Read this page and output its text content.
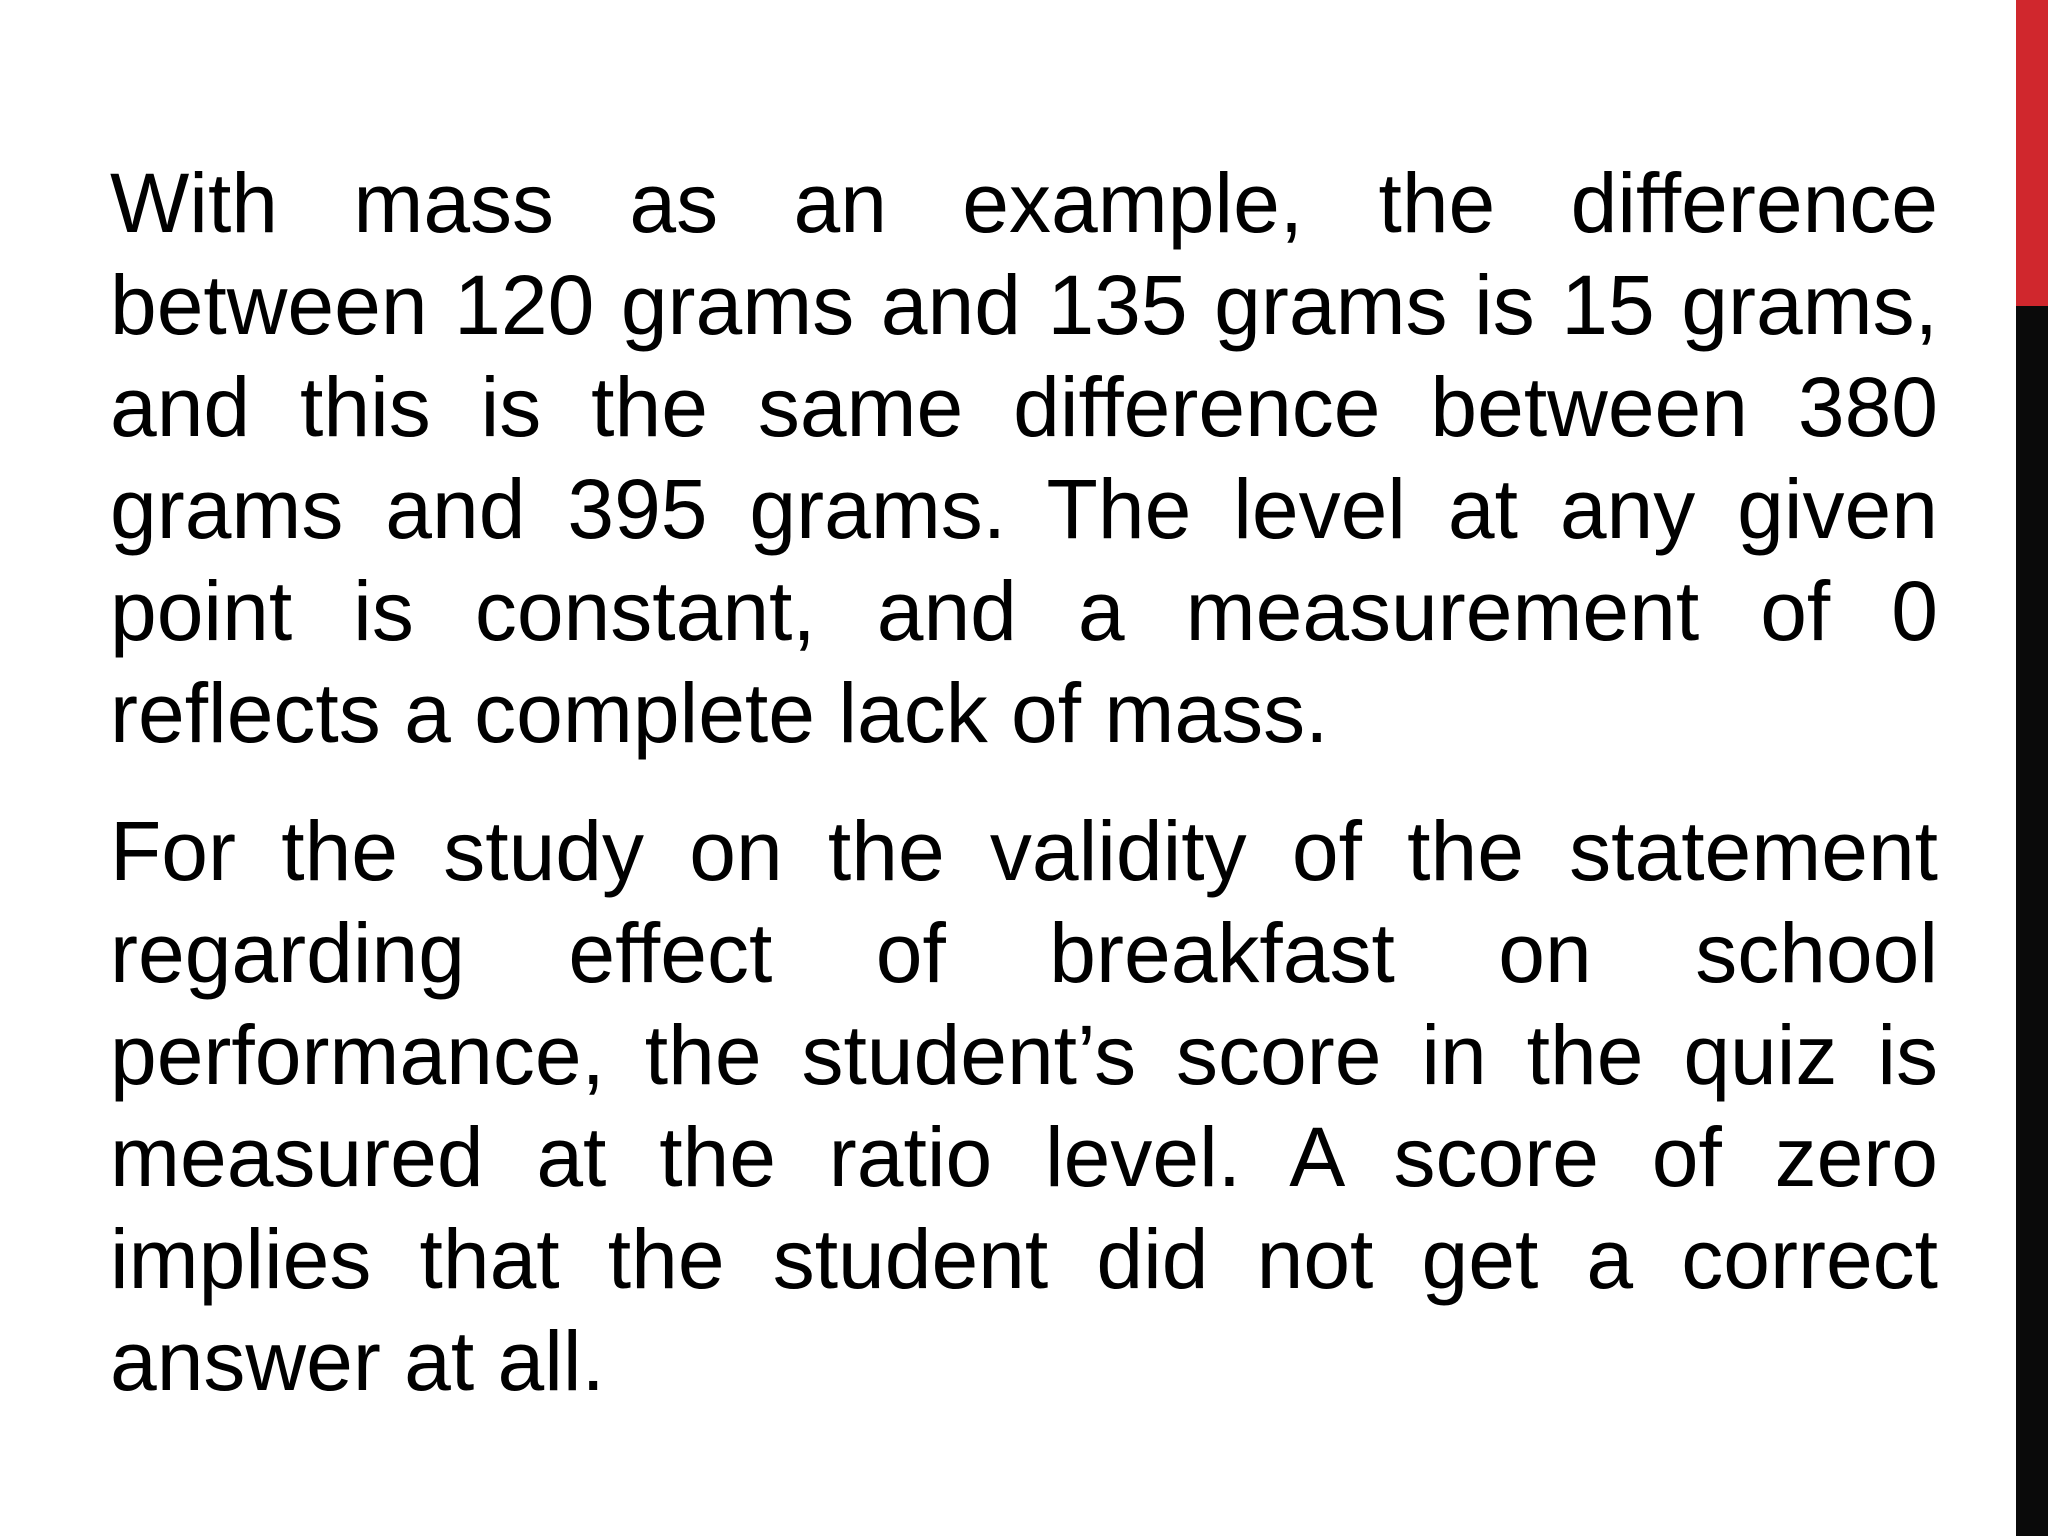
With mass as an example, the difference between 120 grams and 135 grams is 15 grams, and this is the same difference between 380 grams and 395 grams. The level at any given point is constant, and a measurement of 0 reflects a complete lack of mass.

For the study on the validity of the statement regarding effect of breakfast on school performance, the student’s score in the quiz is measured at the ratio level. A score of zero implies that the student did not get a correct answer at all.
